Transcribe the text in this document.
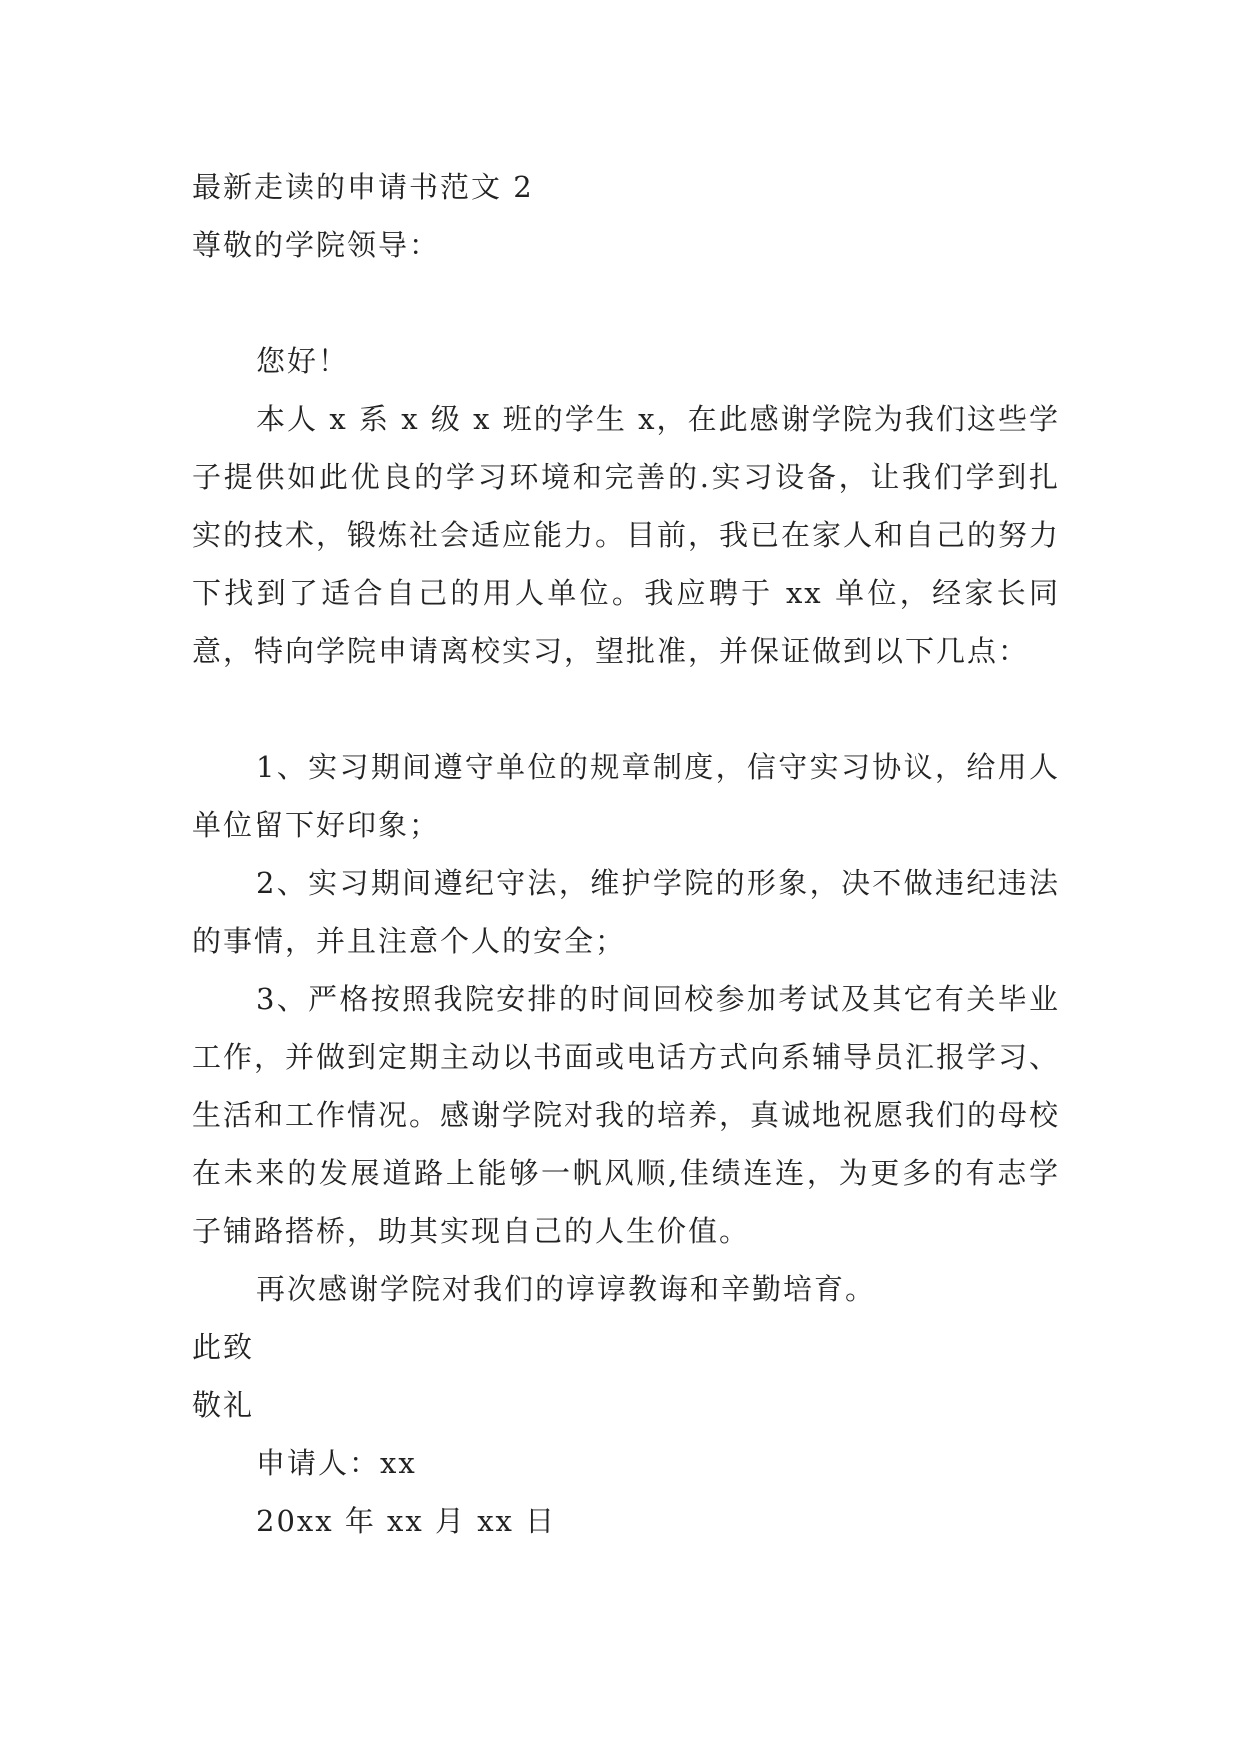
最新走读的申请书范文 2
尊敬的学院领导：
您好！

本人 x 系 x 级 x 班的学生 x，在此感谢学院为我们这些学子提供如此优良的学习环境和完善的.实习设备，让我们学到扎实的技术，锻炼社会适应能力。目前，我已在家人和自己的努力下找到了适合自己的用人单位。我应聘于 xx 单位，经家长同意，特向学院申请离校实习，望批准，并保证做到以下几点：

1、实习期间遵守单位的规章制度，信守实习协议，给用人单位留下好印象；

2、实习期间遵纪守法，维护学院的形象，决不做违纪违法的事情，并且注意个人的安全；

3、严格按照我院安排的时间回校参加考试及其它有关毕业工作，并做到定期主动以书面或电话方式向系辅导员汇报学习、生活和工作情况。感谢学院对我的培养，真诚地祝愿我们的母校在未来的发展道路上能够一帆风顺,佳绩连连，为更多的有志学子铺路搭桥，助其实现自己的人生价值。

再次感谢学院对我们的谆谆教诲和辛勤培育。

此致
敬礼
申请人：xx
20xx 年 xx 月 xx 日
